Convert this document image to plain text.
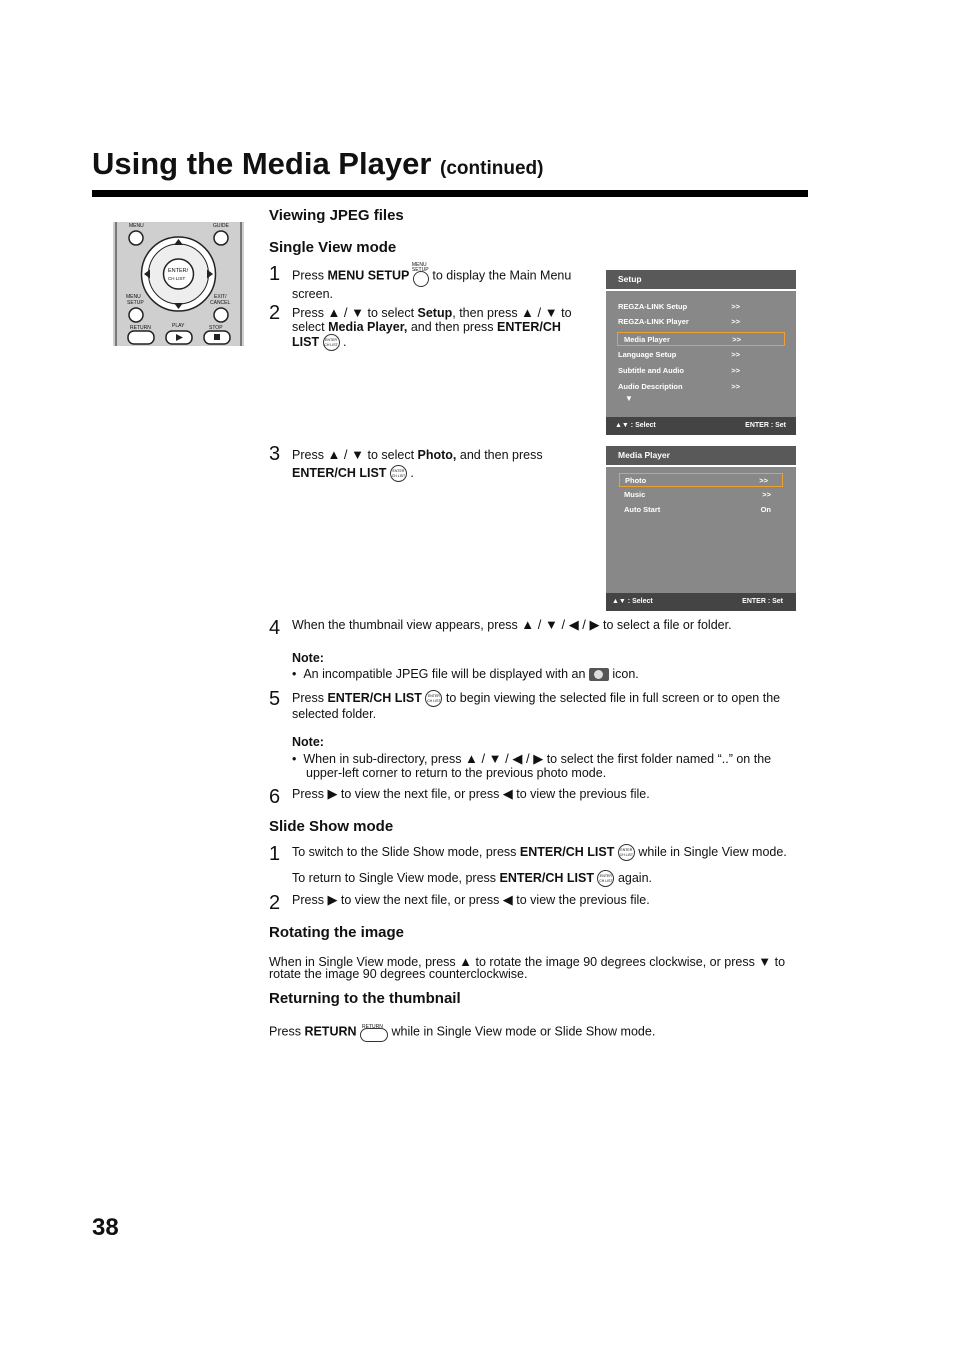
Using the Media Player (continued)
MENU	GUIDE
ENTER/
CH LIST
MENU
SETUP
EXIT/
CANCEL
RETURN	PLAY	STOP
Viewing JPEG files
Single View mode
1 Press MENU SETUP
MENU
SETUP to display the Main Menu screen.
2 Press ▲ / ▼ to select Setup, then press ▲ / ▼ to select Media Player, and then press ENTER/CH LIST ENTER
CH LIST .
Setup
REGZA-LINK Setup	>>
REGZA-LINK Player	>>
Media Player	>>
Language Setup	>>
Subtitle and Audio	>>
Audio Description	>>
▼
▲▼ : Select	ENTER : Set
3 Press ▲ / ▼ to select Photo, and then press
ENTER/CH LIST ENTER
CH LIST .
Media Player
Photo	>>
Music	>>
Auto Start	On
▲▼ : Select	ENTER : Set
4 When the thumbnail view appears, press ▲ / ▼ / ◀ / ▶ to select a file or folder.
Note:
•  An incompatible JPEG file will be displayed with an  icon.
5 Press ENTER/CH LIST ENTER
CH LIST to begin viewing the selected file in full screen or to open the selected folder.
Note:
•  When in sub-directory, press ▲ / ▼ / ◀ / ▶ to select the first folder named “..” on the upper-left corner to return to the previous photo mode.
6 Press ▶ to view the next file, or press ◀ to view the previous file.
Slide Show mode
1 To switch to the Slide Show mode, press ENTER/CH LIST ENTER
CH LIST while in Single View mode.
To return to Single View mode, press ENTER/CH LIST ENTER
CH LIST again.
2 Press ▶ to view the next file, or press ◀ to view the previous file.
Rotating the image
When in Single View mode, press ▲ to rotate the image 90 degrees clockwise, or press ▼ to rotate the image 90 degrees counterclockwise.
Returning to the thumbnail
Press RETURN RETURN while in Single View mode or Slide Show mode.
38
